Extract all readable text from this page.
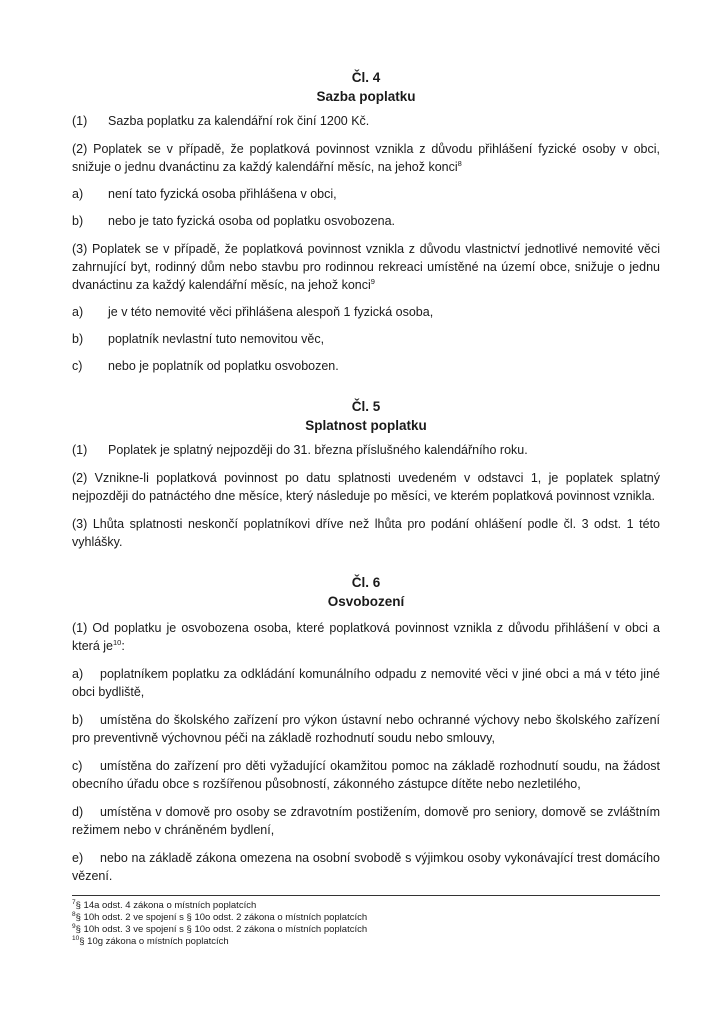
Čl. 4
Sazba poplatku

(1) Sazba poplatku za kalendářní rok činí 1200 Kč.

(2) Poplatek se v případě, že poplatková povinnost vznikla z důvodu přihlášení fyzické osoby v obci, snižuje o jednu dvanáctinu za každý kalendářní měsíc, na jehož konci$^8$

a)	není tato fyzická osoba přihlášena v obci,
b)	nebo je tato fyzická osoba od poplatku osvobozena.

(3) Poplatek se v případě, že poplatková povinnost vznikla z důvodu vlastnictví jednotlivé nemovité věci zahrnující byt, rodinný dům nebo stavbu pro rodinnou rekreaci umístěné na území obce, snižuje o jednu dvanáctinu za každý kalendářní měsíc, na jehož konci$^9$

a)	je v této nemovité věci přihlášena alespoň 1 fyzická osoba,
b)	poplatník nevlastní tuto nemovitou věc,
c)	nebo je poplatník od poplatku osvobozen.
Čl. 5
Splatnost poplatku

(1) Poplatek je splatný nejpozději do 31. března příslušného kalendářního roku.

(2) Vznikne-li poplatková povinnost po datu splatnosti uvedeném v odstavci 1, je poplatek splatný nejpozději do patnáctého dne měsíce, který následuje po měsíci, ve kterém poplatková povinnost vznikla.

(3) Lhůta splatnosti neskončí poplatníkovi dříve než lhůta pro podání ohlášení podle čl. 3 odst. 1 této vyhlášky.

Čl. 6
Osvobození

(1) Od poplatku je osvobozena osoba, které poplatková povinnost vznikla z důvodu přihlášení v obci a která $je^{10}$:

a) poplatníkem poplatku za odkládání komunálního odpadu z nemovité věci v jiné obci a má v této jiné obci bydliště,

b) umístěna do školského zařízení pro výkon ústavní nebo ochranné výchovy nebo školského zařízení pro preventivně výchovnou péči na základě rozhodnutí soudu nebo smlouvy,

c) umístěna do zařízení pro děti vyžadující okamžitou pomoc na základě rozhodnutí soudu, na žádost obecního úřadu obce s rozšířenou působností, zákonného zástupce dítěte nebo nezletilého,

d) umístěna v domově pro osoby se zdravotním postižením, domově pro seniory, domově se zvláštním režimem nebo v chráněném bydlení,

e) nebo na základě zákona omezena na osobní svobodě s výjimkou osoby vykonávající trest domácího vězení.

$^7$§ 14a odst. 4 zákona o místních poplatcích
$^8$§ 10h odst. 2 ve spojení s § 10o odst. 2 zákona o místních poplatcích
$^9$§ 10h odst. 3 ve spojení s § 10o odst. 2 zákona o místních poplatcích
$^{10}$§ 10g zákona o místních poplatcích
